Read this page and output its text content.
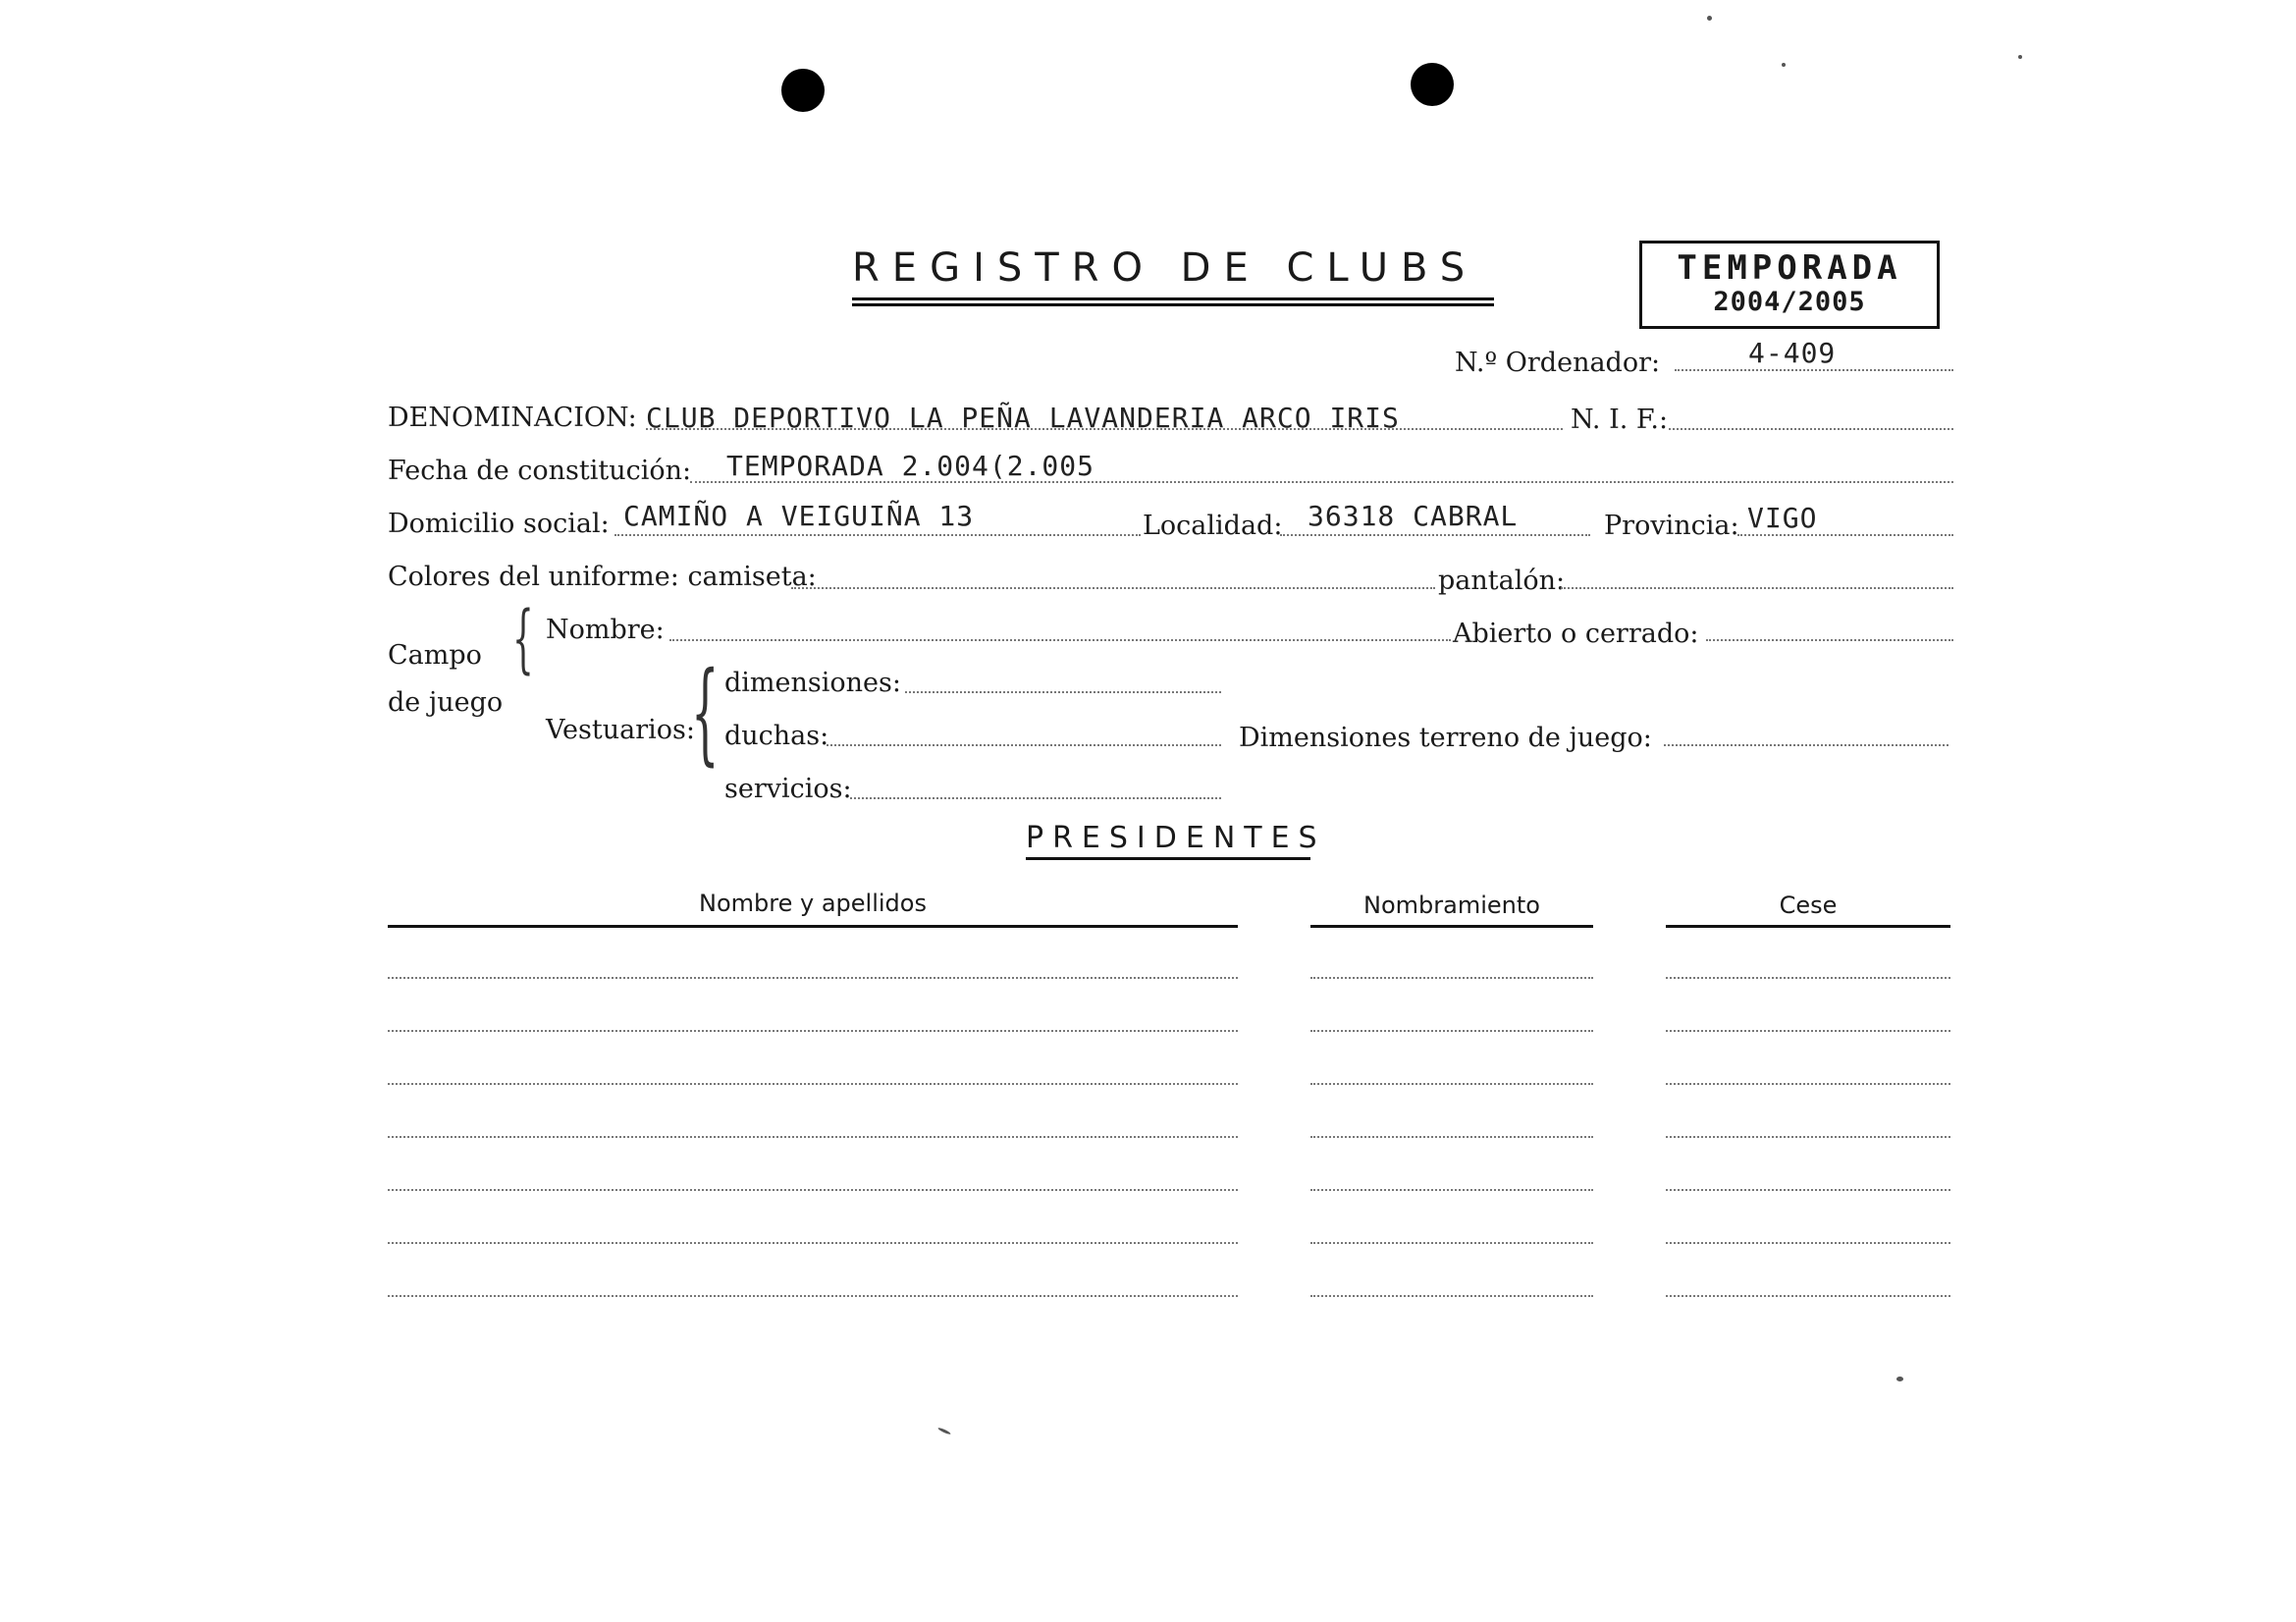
REGISTRO DE CLUBS	TEMPORADA
2004/2005
N.º Ordenador:	4-409
DENOMINACION: CLUB DEPORTIVO LA PEÑA LAVANDERIA ARCO IRIS	N. I. F.:
Fecha de constitución: TEMPORADA 2.004(2.005
Domicilio social: CAMIÑO A VEIGUIÑA 13	Localidad: 36318 CABRAL	Provincia: VIGO
Colores del uniforme: camiseta:	pantalón:
Campo
de juego
{ Nombre:	Abierto o cerrado:
Vestuarios:
{ dimensiones:
duchas:
servicios:
Dimensiones terreno de juego:
PRESIDENTES
Nombre y apellidos	Nombramiento	Cese
